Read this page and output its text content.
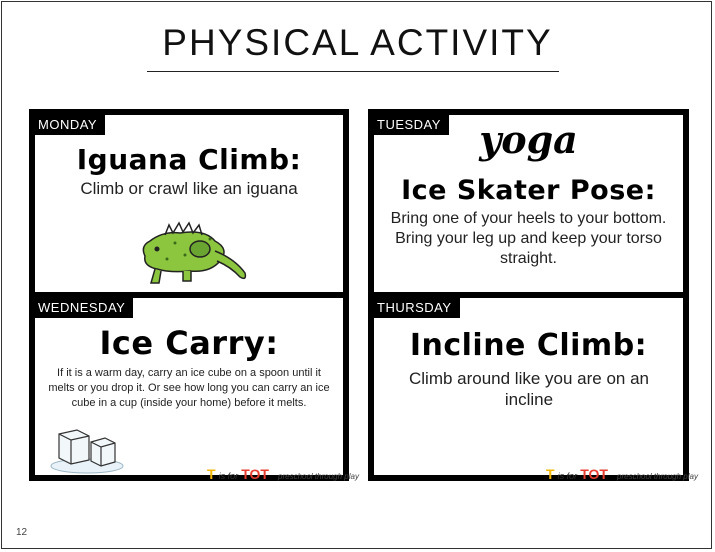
PHYSICAL ACTIVITY
MONDAY
Iguana Climb:
Climb or crawl like an iguana
TUESDAY	yoga
Ice Skater Pose:
Bring one of your heels to your bottom. Bring your leg up and keep your torso straight.
WEDNESDAY
Ice Carry:
If it is a warm day, carry an ice cube on a spoon until it melts or you drop it. Or see how long you can carry an ice cube in a cup (inside your home) before it melts.
T is for TOT preschool through play
THURSDAY
Incline Climb:
Climb around like you are on an incline
T is for TOT preschool through play
12
